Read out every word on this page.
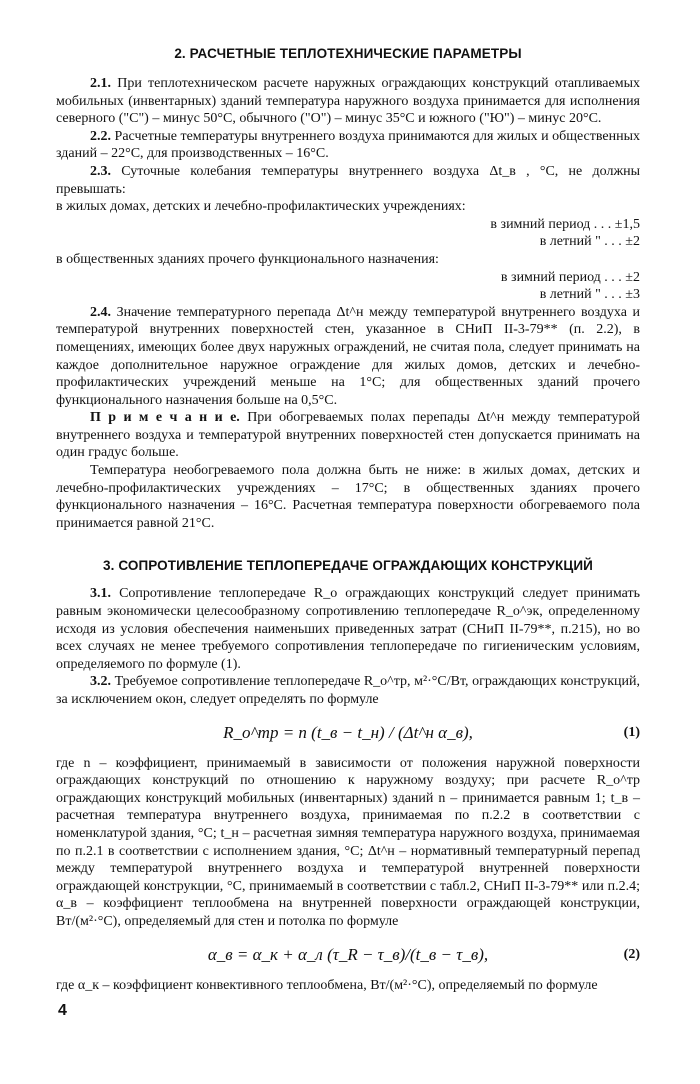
2. РАСЧЕТНЫЕ ТЕПЛОТЕХНИЧЕСКИЕ ПАРАМЕТРЫ

2.1. При теплотехническом расчете наружных ограждающих конструкций отапливаемых мобильных (инвентарных) зданий температура наружного воздуха принимается для исполнения северного ("С") – минус 50°С, обычного ("О") – минус 35°С и южного ("Ю") – минус 20°С.

2.2. Расчетные температуры внутреннего воздуха принимаются для жилых и общественных зданий – 22°С, для производственных – 16°С.

2.3. Суточные колебания температуры внутреннего воздуха Δt_в , °С, не должны превышать:

в жилых домах, детских и лечебно-профилактических учреждениях:

в зимний период . . . ±1,5

в летний " . . . ±2

в общественных зданиях прочего функционального назначения:

в зимний период . . . ±2

в летний " . . . ±3

2.4. Значение температурного перепада Δt^н между температурой внутреннего воздуха и температурой внутренних поверхностей стен, указанное в СНиП II-3-79** (п. 2.2), в помещениях, имеющих более двух наружных ограждений, не считая пола, следует принимать на каждое дополнительное наружное ограждение для жилых домов, детских и лечебно-профилактических учреждений меньше на 1°С; для общественных зданий прочего функционального назначения больше на 0,5°С.

П р и м е ч а н и е. При обогреваемых полах перепады Δt^н между температурой внутреннего воздуха и температурой внутренних поверхностей стен допускается принимать на один градус больше.

Температура необогреваемого пола должна быть не ниже: в жилых домах, детских и лечебно-профилактических учреждениях – 17°С; в общественных зданиях прочего функционального назначения – 16°С. Расчетная температура поверхности обогреваемого пола принимается равной 21°С.

3. СОПРОТИВЛЕНИЕ ТЕПЛОПЕРЕДАЧЕ ОГРАЖДАЮЩИХ КОНСТРУКЦИЙ

3.1. Сопротивление теплопередаче R_о ограждающих конструкций следует принимать равным экономически целесообразному сопротивлению теплопередаче R_о^эк, определенному исходя из условия обеспечения наименьших приведенных затрат (СНиП II-79**, п.215), но во всех случаях не менее требуемого сопротивления теплопередаче по гигиеническим условиям, определяемого по формуле (1).

3.2. Требуемое сопротивление теплопередаче R_о^тр, м²·°С/Вт, ограждающих конструкций, за исключением окон, следует определять по формуле

R_о^тр = n (t_в − t_н) / (Δt^н α_в),	(1)

где n – коэффициент, принимаемый в зависимости от положения наружной поверхности ограждающих конструкций по отношению к наружному воздуху; при расчете R_о^тр ограждающих конструкций мобильных (инвентарных) зданий n – принимается равным 1; t_в – расчетная температура внутреннего воздуха, принимаемая по п.2.2 в соответствии с номенклатурой здания, °С; t_н – расчетная зимняя температура наружного воздуха, принимаемая по п.2.1 в соответствии с исполнением здания, °С; Δt^н – нормативный температурный перепад между температурой внутреннего воздуха и температурой внутренней поверхности ограждающей конструкции, °С, принимаемый в соответствии с табл.2, СНиП II-3-79** или п.2.4; α_в – коэффициент теплообмена на внутренней поверхности ограждающей конструкции, Вт/(м²·°С), определяемый для стен и потолка по формуле

α_в = α_к + α_л (τ_R − τ_в)/(t_в − τ_в),	(2)

где α_к – коэффициент конвективного теплообмена, Вт/(м²·°С), определяемый по формуле

4
